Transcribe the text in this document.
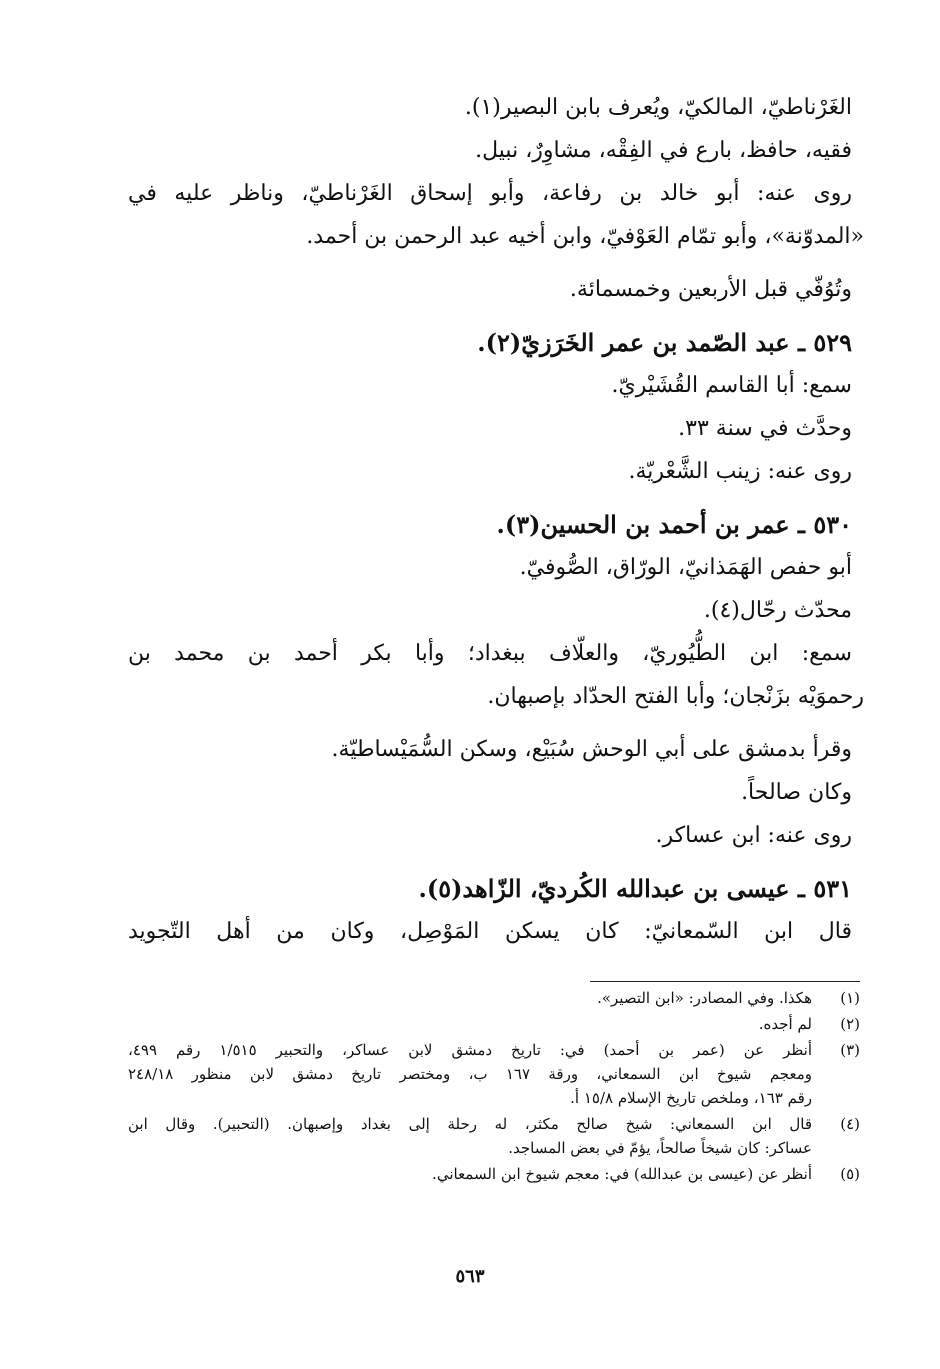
الغَرْناطيّ، المالكيّ، ويُعرف بابن البصير(١).
فقيه، حافظ، بارع في الفِقْه، مشاوِرٌ، نبيل.
روى عنه: أبو خالد بن رفاعة، وأبو إسحاق الغَرْناطيّ، وناظر عليه في
«المدوّنة»، وأبو تمّام العَوْفيّ، وابن أخيه عبد الرحمن بن أحمد.
وتُوُفّي قبل الأربعين وخمسمائة.
٥٢٩ ـ عبد الصّمد بن عمر الخَرَزيّ(٢).
سمع: أبا القاسم القُشَيْريّ.
وحدَّث في سنة ٣٣.
روى عنه: زينب الشَّعْريّة.
٥٣٠ ـ عمر بن أحمد بن الحسين(٣).
أبو حفص الهَمَذانيّ، الورّاق، الصُّوفيّ.
محدّث رحّال(٤).
سمع: ابن الطُّيُوريّ، والعلّاف ببغداد؛ وأبا بكر أحمد بن محمد بن
رحموَيْه بزَنْجان؛ وأبا الفتح الحدّاد بإصبهان.
وقرأ بدمشق على أبي الوحش سُبَيْع، وسكن السُّمَيْساطيّة.
وكان صالحاً.
روى عنه: ابن عساكر.
٥٣١ ـ عيسى بن عبدالله الكُرديّ، الزّاهد(٥).
قال ابن السّمعانيّ: كان يسكن المَوْصِل، وكان من أهل التّجويد
(١)
هكذا. وفي المصادر: «ابن التصير».
(٢)
لم أجده.
(٣)
أنظر عن (عمر بن أحمد) في: تاريخ دمشق لابن عساكر، والتحبير ١/٥١٥ رقم ٤٩٩،
ومعجم شيوخ ابن السمعاني، ورقة ١٦٧ ب، ومختصر تاريخ دمشق لابن منظور ٢٤٨/١٨
رقم ١٦٣، وملخص تاريخ الإسلام ١٥/٨ أ.
(٤)
قال ابن السمعاني: شيخ صالح مكثر، له رحلة إلى بغداد وإصبهان. (التحبير). وقال ابن
عساكر: كان شيخاً صالحاً، يؤمّ في بعض المساجد.
(٥)
أنظر عن (عيسى بن عبدالله) في: معجم شيوخ ابن السمعاني.
٥٦٣
